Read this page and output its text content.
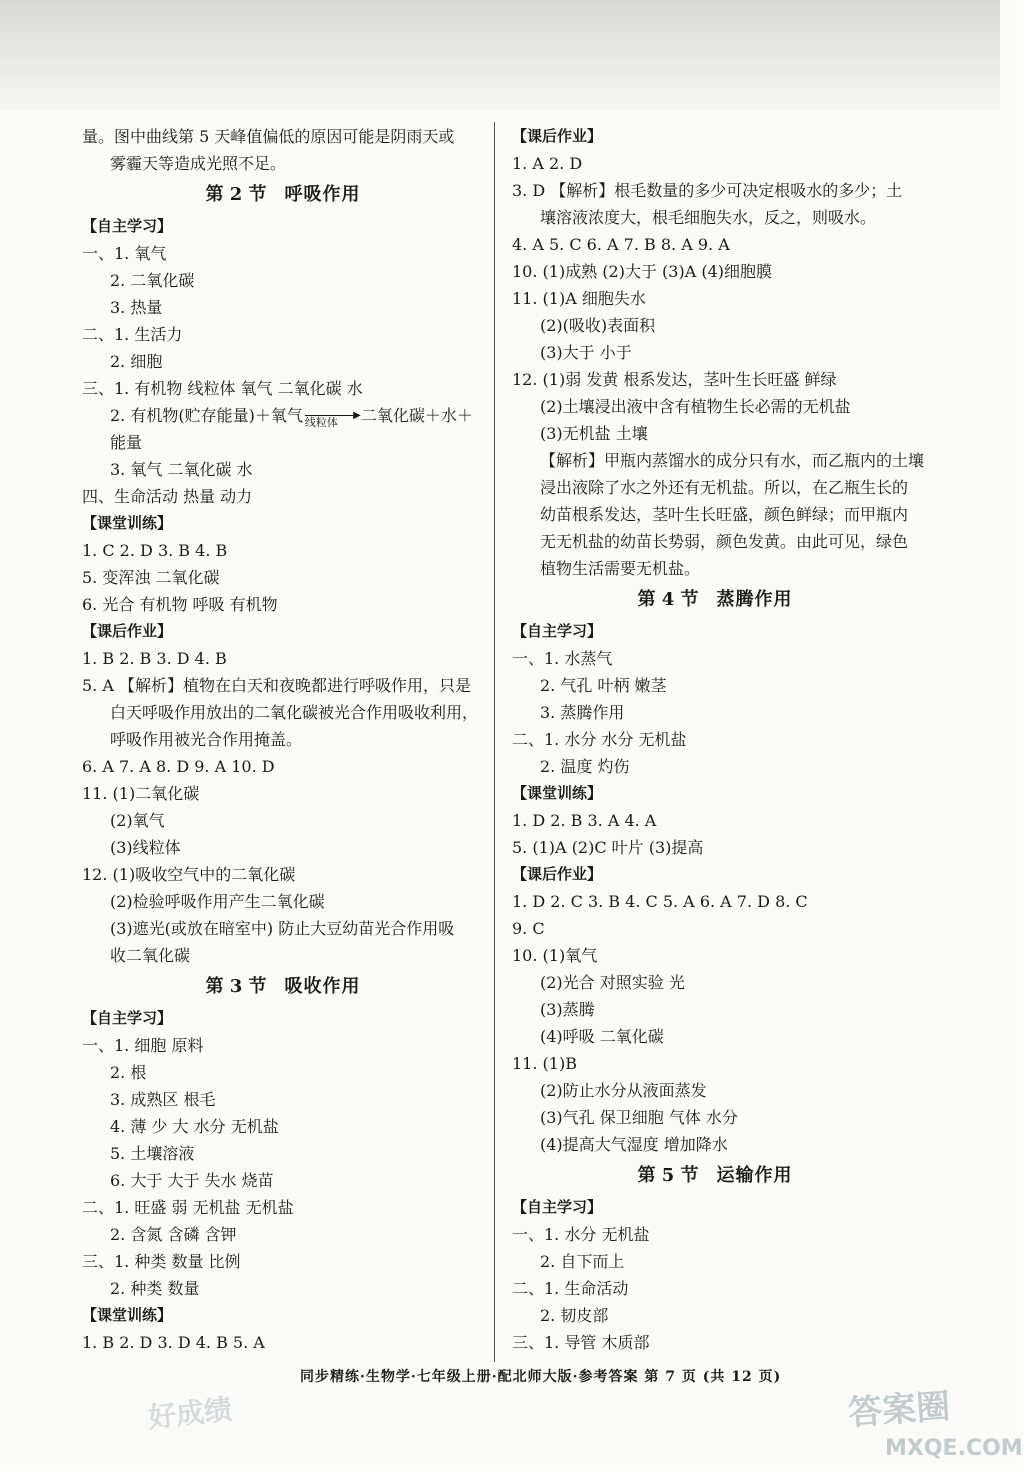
量。图中曲线第 5 天峰值偏低的原因可能是阴雨天或
雾霾天等造成光照不足。
第 2 节 呼吸作用
【自主学习】
一、1. 氧气
2. 二氧化碳
3. 热量
二、1. 生活力
2. 细胞
三、1. 有机物 线粒体 氧气 二氧化碳 水
2. 有机物(贮存能量)＋氧气	▶
线粒体 二氧化碳＋水＋
能量
3. 氧气 二氧化碳 水
四、生命活动 热量 动力
【课堂训练】
1. C 2. D 3. B 4. B
5. 变浑浊 二氧化碳
6. 光合 有机物 呼吸 有机物
【课后作业】
1. B 2. B 3. D 4. B
5. A 【解析】植物在白天和夜晚都进行呼吸作用，只是
白天呼吸作用放出的二氧化碳被光合作用吸收利用，
呼吸作用被光合作用掩盖。
6. A 7. A 8. D 9. A 10. D
11. (1)二氧化碳
(2)氧气
(3)线粒体
12. (1)吸收空气中的二氧化碳
(2)检验呼吸作用产生二氧化碳
(3)遮光(或放在暗室中) 防止大豆幼苗光合作用吸
收二氧化碳
第 3 节 吸收作用
【自主学习】
一、1. 细胞 原料
2. 根
3. 成熟区 根毛
4. 薄 少 大 水分 无机盐
5. 土壤溶液
6. 大于 大于 失水 烧苗
二、1. 旺盛 弱 无机盐 无机盐
2. 含氮 含磷 含钾
三、1. 种类 数量 比例
2. 种类 数量
【课堂训练】
1. B 2. D 3. D 4. B 5. A
【课后作业】
1. A 2. D
3. D 【解析】根毛数量的多少可决定根吸水的多少；土
壤溶液浓度大，根毛细胞失水，反之，则吸水。
4. A 5. C 6. A 7. B 8. A 9. A
10. (1)成熟 (2)大于 (3)A (4)细胞膜
11. (1)A 细胞失水
(2)(吸收)表面积
(3)大于 小于
12. (1)弱 发黄 根系发达，茎叶生长旺盛 鲜绿
(2)土壤浸出液中含有植物生长必需的无机盐
(3)无机盐 土壤
【解析】甲瓶内蒸馏水的成分只有水，而乙瓶内的土壤
浸出液除了水之外还有无机盐。所以，在乙瓶生长的
幼苗根系发达，茎叶生长旺盛，颜色鲜绿；而甲瓶内
无无机盐的幼苗长势弱，颜色发黄。由此可见，绿色
植物生活需要无机盐。
第 4 节 蒸腾作用
【自主学习】
一、1. 水蒸气
2. 气孔 叶柄 嫩茎
3. 蒸腾作用
二、1. 水分 水分 无机盐
2. 温度 灼伤
【课堂训练】
1. D 2. B 3. A 4. A
5. (1)A (2)C 叶片 (3)提高
【课后作业】
1. D 2. C 3. B 4. C 5. A 6. A 7. D 8. C
9. C
10. (1)氧气
(2)光合 对照实验 光
(3)蒸腾
(4)呼吸 二氧化碳
11. (1)B
(2)防止水分从液面蒸发
(3)气孔 保卫细胞 气体 水分
(4)提高大气湿度 增加降水
第 5 节 运输作用
【自主学习】
一、1. 水分 无机盐
2. 自下而上
二、1. 生命活动
2. 韧皮部
三、1. 导管 木质部
同步精练·生物学·七年级上册·配北师大版·参考答案 第 7 页 (共 12 页)
好成绩	答案圈
MXQE.COM
